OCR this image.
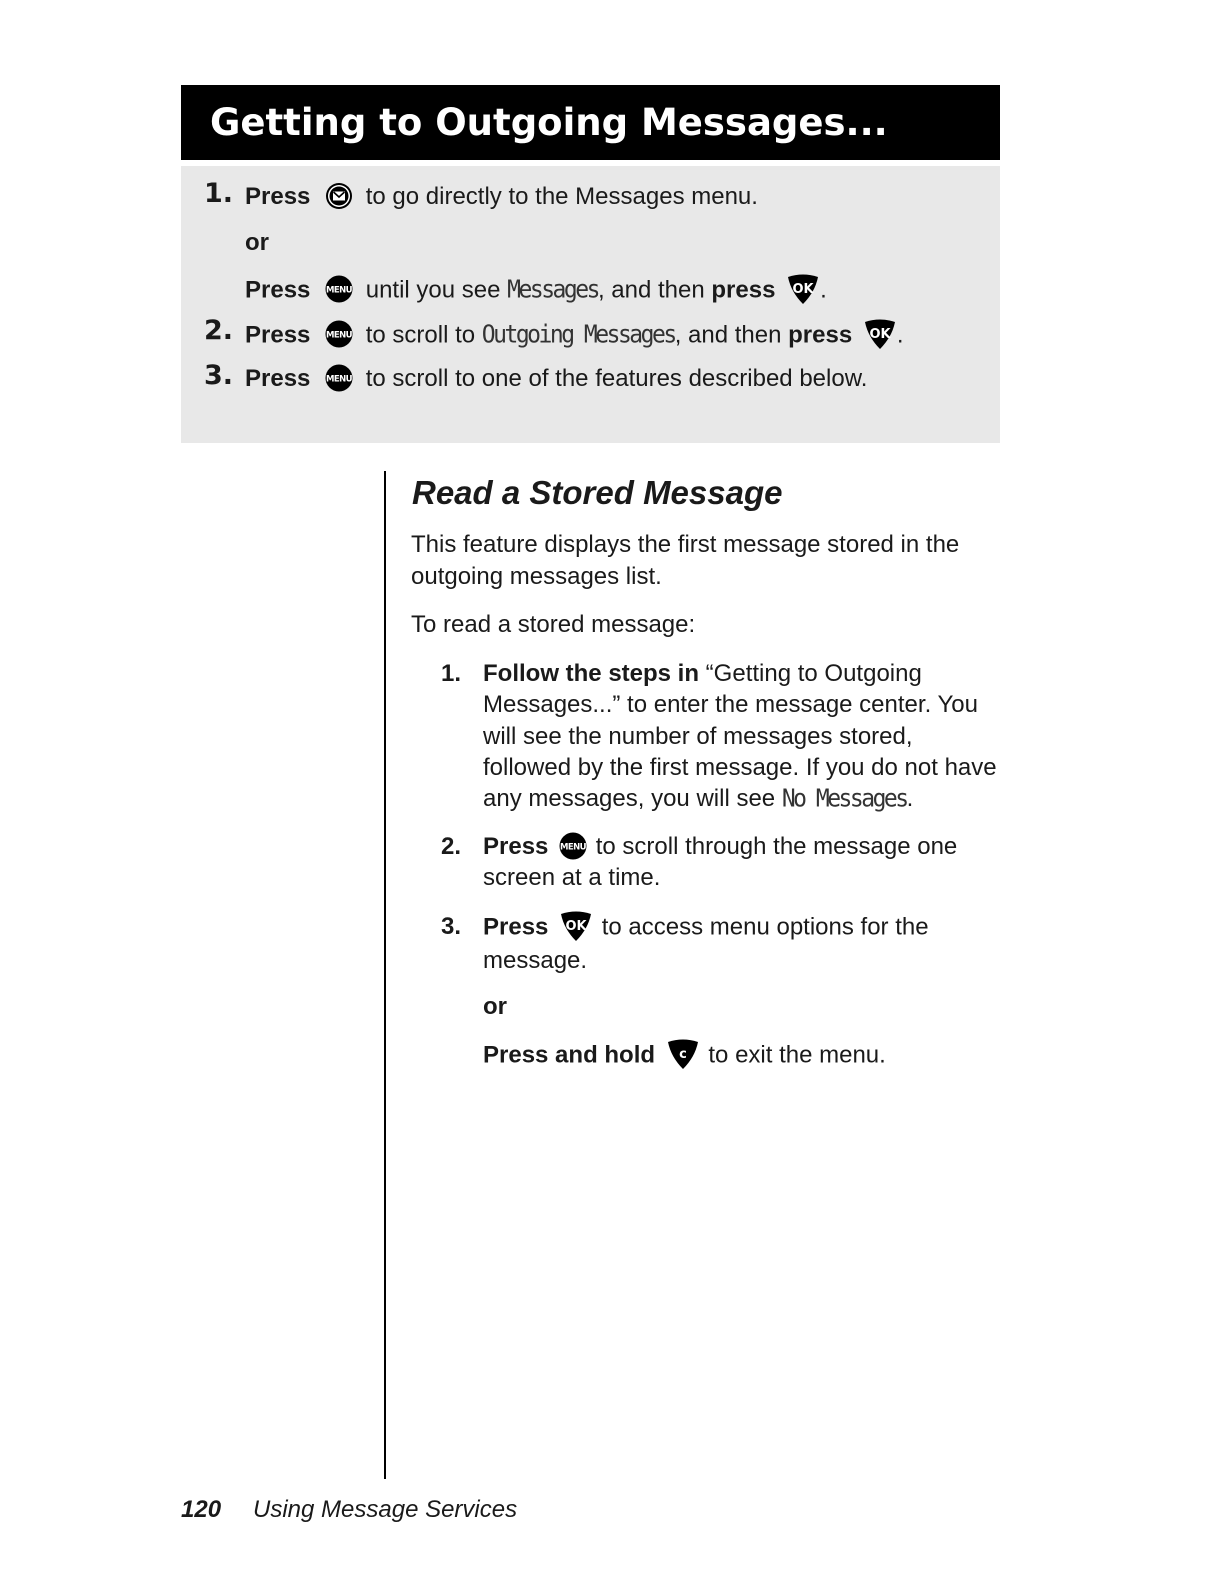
Getting to Outgoing Messages...
1. Press to go directly to the Messages menu.
or
Press until you see Messages, and then press .
2. Press to scroll to Outgoing Messages, and then press .
3. Press to scroll to one of the features described below.
Read a Stored Message
This feature displays the first message stored in the outgoing messages list.
To read a stored message:
1. Follow the steps in “Getting to Outgoing Messages...” to enter the message center. You will see the number of messages stored, followed by the first message. If you do not have any messages, you will see No Messages.
2. Press  to scroll through the message one screen at a time.
3. Press  to access menu options for the message.
or
Press and hold  to exit the menu.
120 Using Message Services
